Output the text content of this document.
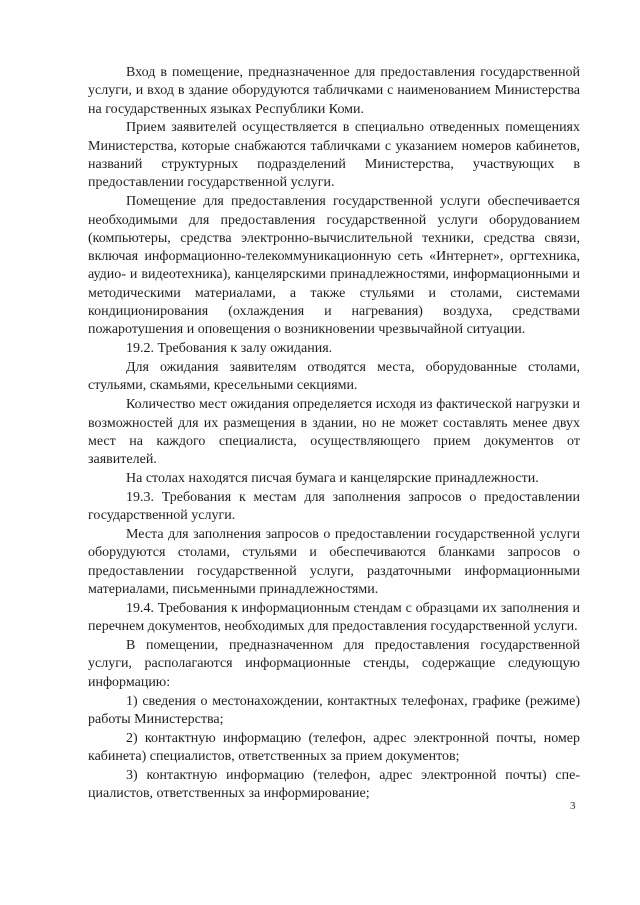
Вход в помещение, предназначенное для предоставления государственной услуги, и вход в здание оборудуются табличками с наименованием Министерства на государственных языках Республики Коми.

Прием заявителей осуществляется в специально отведенных помещениях Министерства, которые снабжаются табличками с указанием номеров кабинетов, названий структурных подразделений Министерства, участвующих в предоставлении государственной услуги.

Помещение для предоставления государственной услуги обеспечивается необходимыми для предоставления государственной услуги оборудованием (компьютеры, средства электронно-вычислительной техники, средства связи, включая информационно-телекоммуникационную сеть «Интернет», оргтехника, аудио- и видеотехника), канцелярскими принадлежностями, информационными и методическими материалами, а также стульями и столами, системами кондиционирования (охлаждения и нагревания) воздуха, средствами пожаротушения и оповещения о возникновении чрезвычайной ситуации.

19.2. Требования к залу ожидания.

Для ожидания заявителям отводятся места, оборудованные столами, стульями, скамьями, кресельными секциями.

Количество мест ожидания определяется исходя из фактической нагрузки и возможностей для их размещения в здании, но не может составлять менее двух мест на каждого специалиста, осуществляющего прием документов от заявителей.

На столах находятся писчая бумага и канцелярские принадлежности.

19.3. Требования к местам для заполнения запросов о предоставлении государственной услуги.

Места для заполнения запросов о предоставлении государственной услуги оборудуются столами, стульями и обеспечиваются бланками запросов о предоставлении государственной услуги, раздаточными информационными материалами, письменными принадлежностями.

19.4. Требования к информационным стендам с образцами их заполнения и перечнем документов, необходимых для предоставления государственной услуги.

В помещении, предназначенном для предоставления государственной услуги, располагаются информационные стенды, содержащие следующую информацию:

1) сведения о местонахождении, контактных телефонах, графике (режиме) работы Министерства;

2) контактную информацию (телефон, адрес электронной почты, номер кабинета) специалистов, ответственных за прием документов;

3) контактную информацию (телефон, адрес электронной почты) специалистов, ответственных за информирование;

3
